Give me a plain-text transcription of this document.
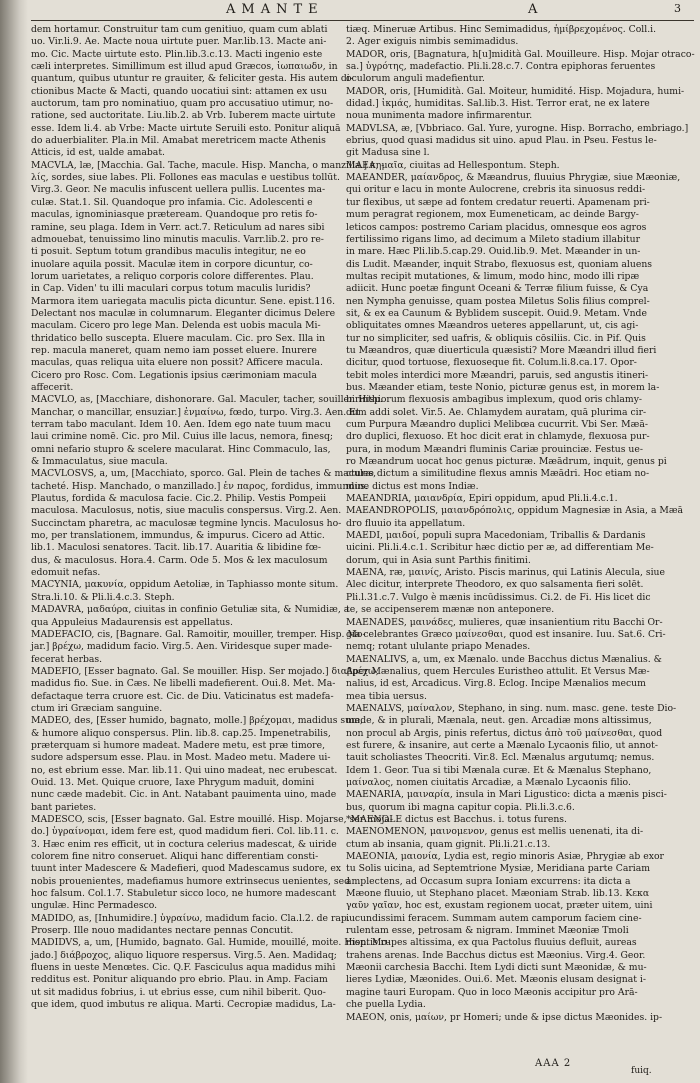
AMANTE	A	3
dem hortamur. Construitur tam cum genitiuo, quam cum ablati
uo. Vir.li.9. Ae. Macte noua uirtute puer. Mar.lib.13. Macte ani-
mo. Cic. Macte uirtute esto. Plin.lib.3.c.13. Macti ingenio este
cæli interpretes. Simillimum est illud apud Græcos, ἰωπαιωδν, in
quantum, quibus utuntur re grauiter, & feliciter gesta. His autem di-
ctionibus Macte & Macti, quando uocatiui sint: attamen ex usu
auctorum, tam pro nominatiuo, quam pro accusatiuo utimur, no-
ratione, sed auctoritate. Liu.lib.2. ab Vrb. Iuberem macte uirtute
esse. Idem li.4. ab Vrbe: Macte uirtute Seruili esto. Ponitur aliquā
do aduerbialiter. Pla.in Mil. Amabat meretricem macte Athenis
Atticis, id est, ualde amabat.
MACVLA, læ, [Macchia. Gal. Tache, macule. Hisp. Mancha, o manzilla.] κη-
λίς, sordes, siue labes. Pli. Follones eas maculas e uestibus tollūt.
Virg.3. Geor. Ne maculis infuscent uellera pullis. Lucentes ma-
culæ. Stat.1. Sil. Quandoque pro infamia. Cic. Adolescenti e
maculas, ignominiasque præteream. Quandoque pro retis fo-
ramine, seu plaga. Idem in Verr. act.7. Reticulum ad nares sibi
admouebat, tenuissimo lino minutis maculis. Varr.lib.2. pro re-
ti posuit. Septum totum grandibus maculis integitur, ne eo
inuolare aquila possit. Maculæ item in corpore dicuntur, co-
lorum uarietates, a reliquo corporis colore differentes. Plau.
in Cap. Viden' tu illi maculari corpus totum maculis luridis?
Marmora item uariegata maculis picta dicuntur. Sene. epist.116.
Delectant nos maculæ in columnarum. Eleganter dicimus Delere
maculam. Cicero pro lege Man. Delenda est uobis macula Mi-
thridatico bello suscepta. Eluere maculam. Cic. pro Sex. Illa in
rep. macula maneret, quam nemo iam posset eluere. Inurere
maculas, quas reliqua uita eluere non possit? Afficere macula.
Cicero pro Rosc. Com. Legationis ipsius cærimoniam macula
affecerit.
MACVLO, as, [Macchiare, dishonorare. Gal. Maculer, tacher, souiller. Hisp.
Manchar, o mancillar, ensuziar.] ἐνμαίνω, fœdo, turpo. Virg.3. Aen. Et
terram tabo maculant. Idem 10. Aen. Idem ego nate tuum macu
laui crimine nomē. Cic. pro Mil. Cuius ille lacus, nemora, finesq;
omni nefario stupro & scelere macularat. Hinc Commaculo, las,
& Immaculatus, siue macula.
MACVLOSVS, a, um, [Macchiato, sporco. Gal. Plein de taches & macules,
tacheté. Hisp. Manchado, o manzillado.] ἐν παρος, fordidus, immundus.
Plautus, fordida & maculosa facie. Cic.2. Philip. Vestis Pompeii
maculosa. Maculosus, notis, siue maculis conspersus. Virg.2. Aen.
Succinctam pharetra, ac maculosæ tegmine lyncis. Maculosus ho-
mo, per translationem, immundus, & impurus. Cicero ad Attic.
lib.1. Maculosi senatores. Tacit. lib.17. Auaritia & libidine fœ-
dus, & maculosus. Hora.4. Carm. Ode 5. Mos & lex maculosum
edomuit nefas.
MACYNIA, μακυνία, oppidum Aetoliæ, in Taphiasso monte situm.
Stra.li.10. & Pli.li.4.c.3. Steph.
MADAVRA, μαδαύρα, ciuitas in confinio Getuliæ sita, & Numidiæ, a
qua Appuleius Madaurensis est appellatus.
MADEFACIO, cis, [Bagnare. Gal. Ramoitir, mouiller, tremper. Hisp. Mo-
jar.] βρέχω, madidum facio. Virg.5. Aen. Viridesque super made-
fecerat herbas.
MADEFIO, [Esser bagnato. Gal. Se mouiller. Hisp. Ser mojado.] διαβρέχω,
madidus fio. Sue. in Cæs. Ne libelli madefierent. Oui.8. Met. Ma-
defactaque terra cruore est. Cic. de Diu. Vaticinatus est madefa-
ctum iri Græciam sanguine.
MADEO, des, [Esser humido, bagnato, molle.] βρέχομαι, madidus sum,
& humore aliquo conspersus. Plin. lib.8. cap.25. Impenetrabilis,
præterquam si humore madeat. Madere metu, est præ timore,
sudore adspersum esse. Plau. in Most. Madeo metu. Madere ui-
no, est ebrium esse. Mar. lib.11. Qui uino madeat, nec erubescat.
Ouid. 13. Met. Quique cruore, Iaxe Phrygum maduit, domini
nunc cæde madebit. Cic. in Ant. Natabant pauimenta uino, made
bant parietes.
MADESCO, scis, [Esser bagnato. Gal. Estre mouillé. Hisp. Mojarse, ser moja-
do.] ὑγραίνομαι, idem fere est, quod madidum fieri. Col. lib.11. c.
3. Hæc enim res efficit, ut in coctura celerius madescat, & uiride
colorem fine nitro conseruet. Aliqui hanc differentiam consti-
tuunt inter Madescere & Madefieri, quod Madescamus sudore, ex
nobis prouenientes, madefiamus humore extrinsecus uenientes, sed
hoc falsum. Col.1.7. Stabuletur sicco loco, ne humore madescant
ungulæ. Hinc Permadesco.
MADIDO, as, [Inhumidire.] ὑγραίνω, madidum facio. Cla.l.2. de rap.
Proserp. Ille nouo madidantes nectare pennas Concutit.
MADIDVS, a, um, [Humido, bagnato. Gal. Humide, mouillé, moite. Hisp. Mo-
jado.] διάβροχος, aliquo liquore respersus. Virg.5. Aen. Madidaq;
fluens in ueste Menœtes. Cic. Q.F. Fasciculus aqua madidus mihi
redditus est. Ponitur aliquando pro ebrio. Plau. in Amp. Faciam
ut sit madidus fobrius, i. ut ebrius esse, cum nihil biberit. Quo-
que idem, quod imbutus re aliqua. Marti. Cecropiæ madidus, La-
tiæq. Mineruæ Artibus. Hinc Semimadidus, ἡμίβρεχομένος. Coll.i.
2. Ager exiguis nimbis semimadidus.
MADOR, oris, [Bagnatura, h[u]midità Gal. Mouilleure. Hisp. Mojar otraco-
sa.] ὑγρότης, madefactio. Pli.li.28.c.7. Contra epiphoras feruentes
oculorum anguli madefientur.
MADOR, oris, [Humidità. Gal. Moiteur, humidité. Hisp. Mojadura, humi-
didad.] ἰκμάς, humiditas. Sal.lib.3. Hist. Terror erat, ne ex latere
noua munimenta madore infirmarentur.
MADVLSA, æ, [Vbbriaco. Gal. Yure, yurogne. Hisp. Borracho, embriago.]
ebrius, quod quasi madidus sit uino. apud Plau. in Pseu. Festus le-
git Madusa sine l.
MAEA, μαῖα, ciuitas ad Hellespontum. Steph.
MAEANDER, μαίανδρος, & Mæandrus, fluuius Phrygiæ, siue Mæoniæ,
qui oritur e lacu in monte Aulocrene, crebris ita sinuosus reddi-
tur flexibus, ut sæpe ad fontem credatur reuerti. Apamenam pri-
mum peragrat regionem, mox Eumeneticam, ac deinde Bargy-
leticos campos: postremo Cariam placidus, omnesque eos agros
fertilissimo rigans limo, ad decimum a Mileto stadium illabitur
in mare. Hæc Pli.lib.5.cap.29. Ouid.lib.9. Met. Mæander in un-
dis Ludit. Mæander, inquit Strabo, flexuosus est, quoniam aluens
multas recipit mutationes, & limum, modo hinc, modo illi ripæ
adiicit. Hunc poetæ fingunt Oceani & Terræ filium fuisse, & Cya
nen Nympha genuisse, quam postea Miletus Solis filius comprel-
sit, & ex ea Caunum & Byblidem suscepit. Ouid.9. Metam. Vnde
obliquitates omnes Mæandros ueteres appellarunt, ut, cis agi-
tur no simpliciter, sed uafris, & obliquis cōsiliis. Cic. in Pif. Quis
tu Mæandros, quæ diuerticula quæsisti? More Mæandri illud fieri
dicitur, quod tortuose, flexuoseque fit. Colum.li.8.ca.17. Opor-
tebit moles interdici more Mæandri, paruis, sed angustis itineri-
bus. Mæander etiam, teste Nonio, picturæ genus est, in morem la-
birinthiorum flexuosis ambagibus implexum, quod oris chlamy-
dum addi solet. Vir.5. Ae. Chlamydem auratam, quā plurima cir-
cum Purpura Mæandro duplici Melibœa cucurrit. Vbi Ser. Mæā-
dro duplici, flexuoso. Et hoc dicit erat in chlamyde, flexuosa pur-
pura, in modum Mæandri fluminis Cariæ prouinciæ. Festus ue-
ro Mæandrum uocat hoc genus picturæ. Mæādrum, inquit, genus pi
cturæ dictum a similitudine flexus amnis Mæādri. Hoc etiam no-
mine dictus est mons Indiæ.
MAEANDRIA, μαιανδρία, Epiri oppidum, apud Pli.li.4.c.1.
MAEANDROPOLIS, μαιανδρόπολις, oppidum Magnesiæ in Asia, a Mæā
dro fluuio ita appellatum.
MAEDI, μαιδοί, populi supra Macedoniam, Triballis & Dardanis
uicini. Pli.li.4.c.1. Scribitur hæc dictio per æ, ad differentiam Me-
dorum, qui in Asia sunt Parthis finitimi.
MAENA, ræ, μαινίς, Aristo. Piscis marinus, qui Latinis Alecula, siue
Alec dicitur, interprete Theodoro, ex quo salsamenta fieri solēt.
Pli.l.31.c.7. Vulgo è mænis incūdissimus. Ci.2. de Fi. His licet dic
te, se accipenserem mænæ non anteponere.
MAENADES, μαινάδες, mulieres, quæ insanientium ritu Bacchi Or-
gia celebrantes Græco μαίνεσθαι, quod est insanire. Iuu. Sat.6. Cri-
nemq; rotant ululante priapo Menades.
MAENALIVS, a, um, ex Mænalo. unde Bacchus dictus Mænalius. &
Aper Mænalius, quem Hercules Euristheo attulit. Et Versus Mæ-
nalius, id est, Arcadicus. Virg.8. Eclog. Incipe Mænalios mecum
mea tibia uersus.
MAENALVS, μαίναλον, Stephano, in sing. num. masc. gene. teste Dio-
mede, & in plurali, Mænala, neut. gen. Arcadiæ mons altissimus,
non procul ab Argis, pinis refertus, dictus ἀπὸ τοῦ μαίνεσθαι, quod
est furere, & insanire, aut certe a Mænalo Lycaonis filio, ut annot-
tauit scholiastes Theocriti. Vir.8. Ecl. Mænalus argutumq; nemus.
Idem 1. Geor. Tua si tibi Mænala curæ. Et & Mænalus Stephano,
μαίναλος, nomen ciuitatis Arcadiæ, a Mænalo Lycaonis filio.
MAENARIA, μαιναρία, insula in Mari Ligustico: dicta a mænis pisci-
bus, quorum ibi magna capitur copia. Pli.li.3.c.6.
*MAENOLE dictus est Bacchus. i. totus furens.
MAENOMENON, μαινομενον, genus est mellis uenenati, ita di-
ctum ab insania, quam gignit. Pli.li.21.c.13.
MAEONIA, μαιονία, Lydia est, regio minoris Asiæ, Phrygiæ ab exor
tu Solis uicina, ad Septemtrione Mysiæ, Meridiana parte Cariam
amplectens, ad Occasum supra Ioniam excurrens: ita dicta a
Mæone fluuio, ut Stephano placet. Mæoniam Strab. lib.13. Κεκα
γαῦν γαῖαν, hoc est, exustam regionem uocat, præter uitem, uini
iucundissimi feracem. Summam autem camporum faciem cine-
rulentam esse, petrosam & nigram. Imminet Mæoniæ Tmoli
montis rupes altissima, ex qua Pactolus fluuius defluit, aureas
trahens arenas. Inde Bacchus dictus est Mæonius. Virg.4. Geor.
Mæonii carchesia Bacchi. Item Lydi dicti sunt Mæonidæ, & mu-
lieres Lydiæ, Mæonides. Oui.6. Met. Mæonis elusam designat i-
magine tauri Europam. Quo in loco Mæonis accipitur pro Arā-
che puella Lydia.
MAEON, onis, μαίων, pr Homeri; unde & ipse dictus Mæonides. ip-
AAA 2
fuiq.
